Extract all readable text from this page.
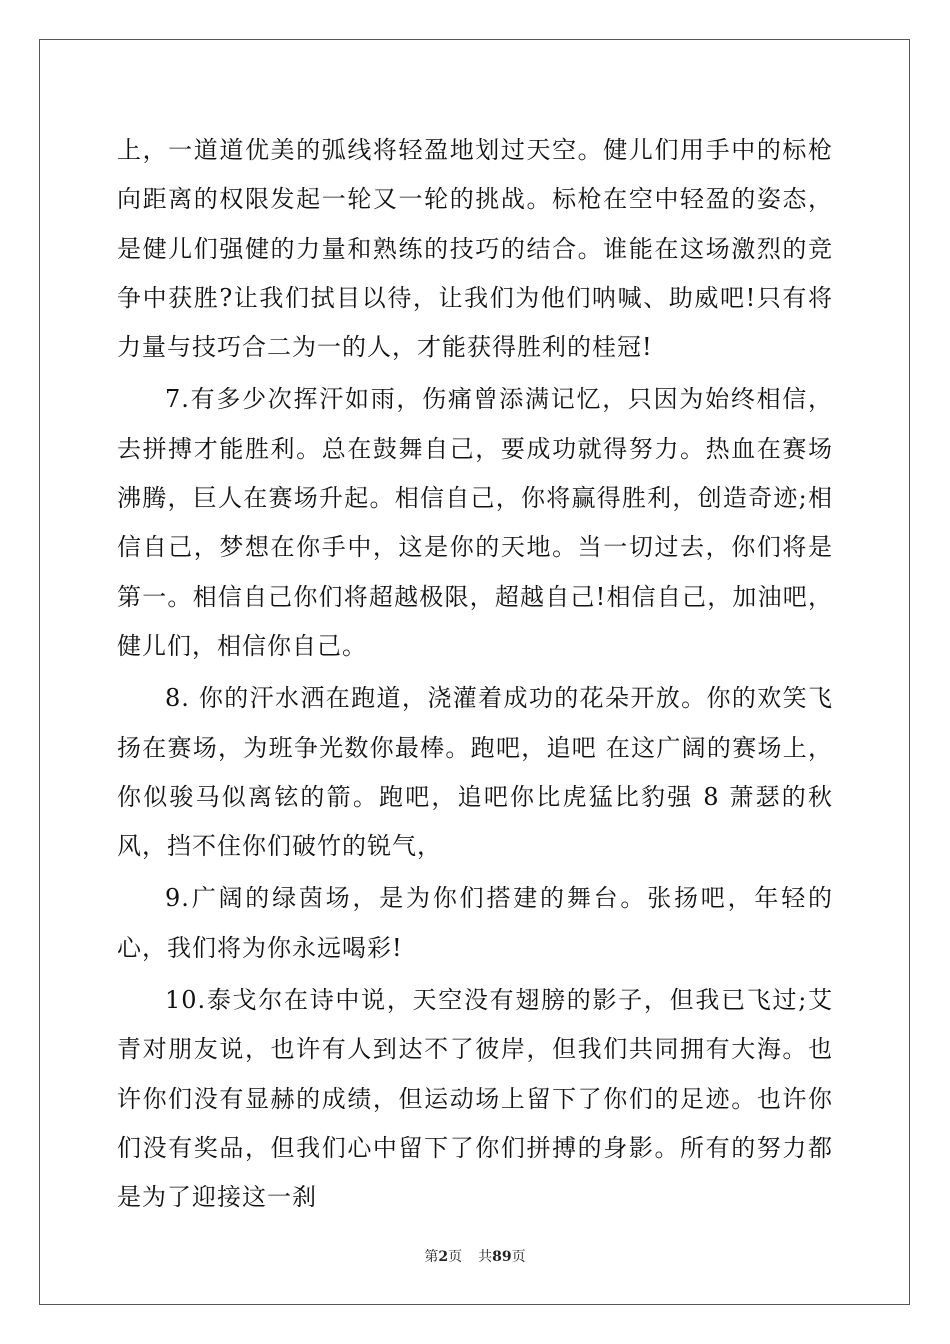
上，一道道优美的弧线将轻盈地划过天空。健儿们用手中的标枪向距离的权限发起一轮又一轮的挑战。标枪在空中轻盈的姿态，是健儿们强健的力量和熟练的技巧的结合。谁能在这场激烈的竞争中获胜?让我们拭目以待，让我们为他们呐喊、助威吧!只有将力量与技巧合二为一的人，才能获得胜利的桂冠!

7.有多少次挥汗如雨，伤痛曾添满记忆，只因为始终相信，去拼搏才能胜利。总在鼓舞自己，要成功就得努力。热血在赛场沸腾，巨人在赛场升起。相信自己，你将赢得胜利，创造奇迹;相信自己，梦想在你手中，这是你的天地。当一切过去，你们将是第一。相信自己你们将超越极限，超越自己!相信自己，加油吧，健儿们，相信你自己。

8. 你的汗水洒在跑道，浇灌着成功的花朵开放。你的欢笑飞扬在赛场，为班争光数你最棒。跑吧，追吧 在这广阔的赛场上，你似骏马似离铉的箭。跑吧，追吧你比虎猛比豹强 8 萧瑟的秋风，挡不住你们破竹的锐气，

9.广阔的绿茵场，是为你们搭建的舞台。张扬吧，年轻的心，我们将为你永远喝彩!

10.泰戈尔在诗中说，天空没有翅膀的影子，但我已飞过;艾青对朋友说，也许有人到达不了彼岸，但我们共同拥有大海。也许你们没有显赫的成绩，但运动场上留下了你们的足迹。也许你们没有奖品，但我们心中留下了你们拼搏的身影。所有的努力都是为了迎接这一刹

第2页 共89页
